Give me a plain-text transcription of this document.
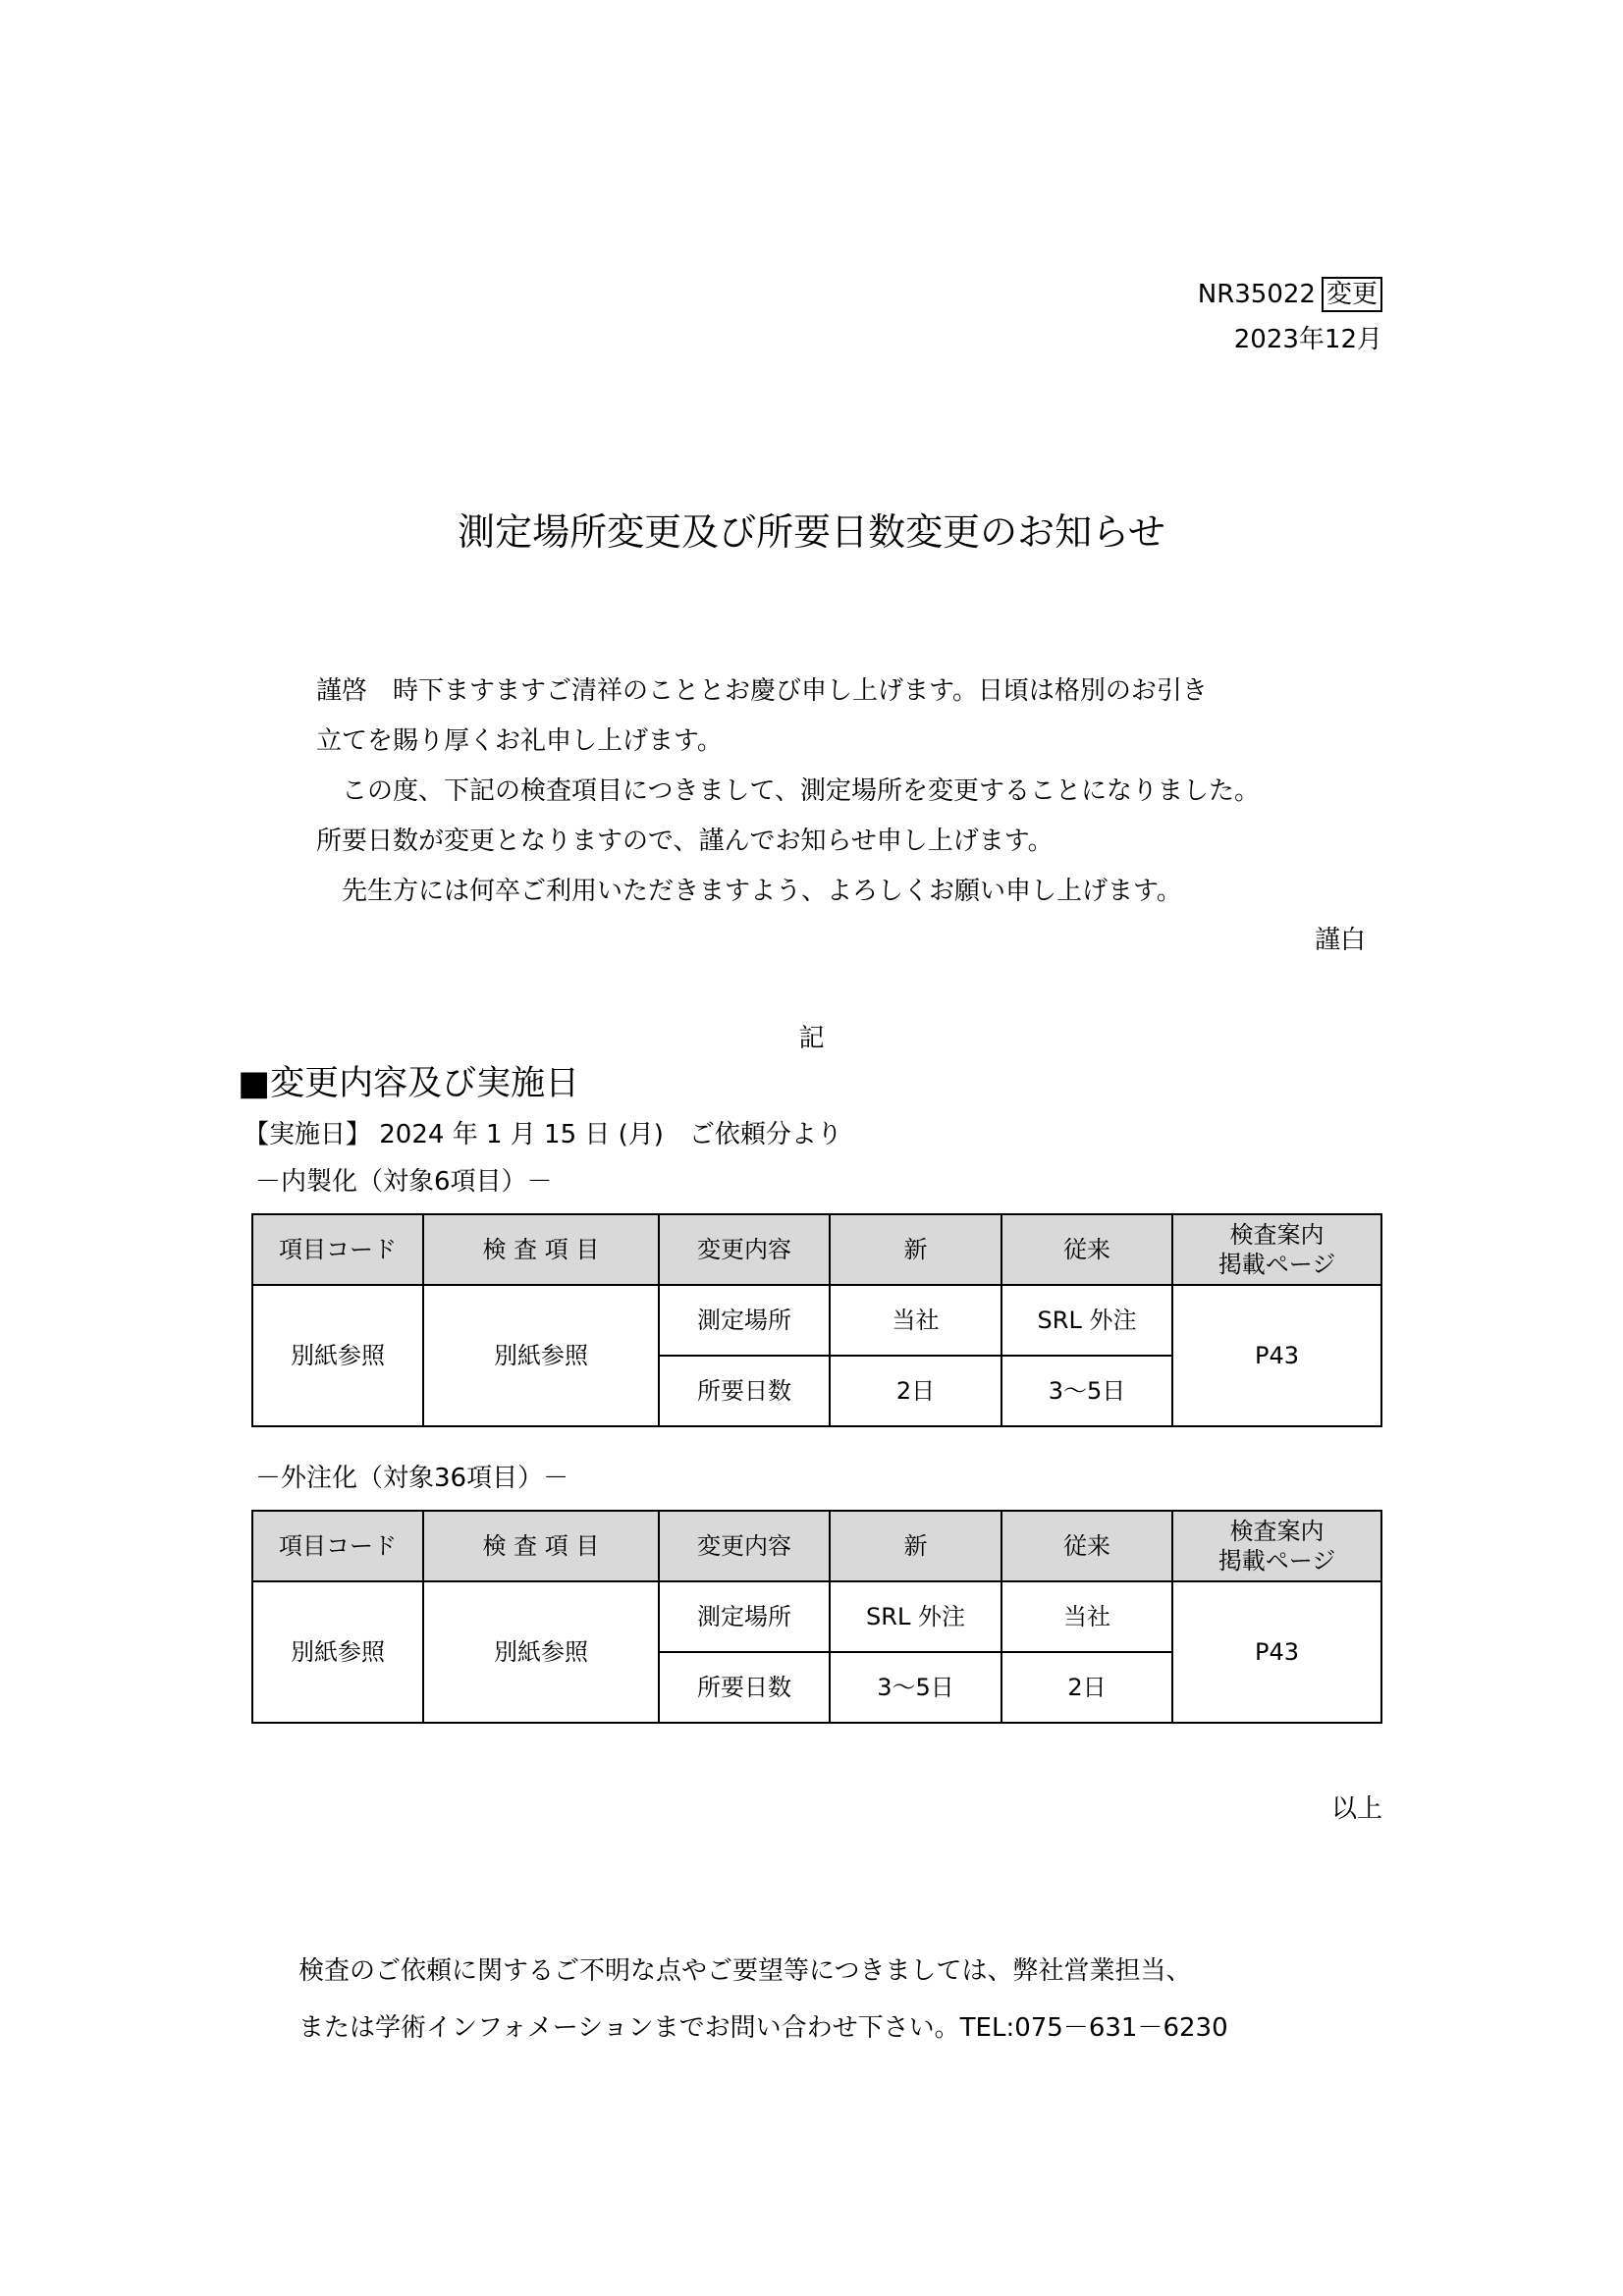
NR35022 変更
2023年12月
測定場所変更及び所要日数変更のお知らせ
謹啓　時下ますますご清祥のこととお慶び申し上げます。日頃は格別のお引き
立てを賜り厚くお礼申し上げます。
　この度、下記の検査項目につきまして、測定場所を変更することになりました。
所要日数が変更となりますので、謹んでお知らせ申し上げます。
　先生方には何卒ご利用いただきますよう、よろしくお願い申し上げます。
謹白
記
■変更内容及び実施日
【実施日】 2024 年 1 月 15 日 (月)　ご依頼分より
－内製化（対象6項目）－
項目コード	検 査 項 目	変更内容	新	従来	検査案内
掲載ページ
別紙参照	別紙参照	測定場所	当社	SRL 外注	P43
		所要日数	2日	3～5日	
－外注化（対象36項目）－
項目コード	検 査 項 目	変更内容	新	従来	検査案内
掲載ページ
別紙参照	別紙参照	測定場所	SRL 外注	当社	P43
		所要日数	3～5日	2日	
以上
検査のご依頼に関するご不明な点やご要望等につきましては、弊社営業担当、
または学術インフォメーションまでお問い合わせ下さい。TEL:075－631－6230
